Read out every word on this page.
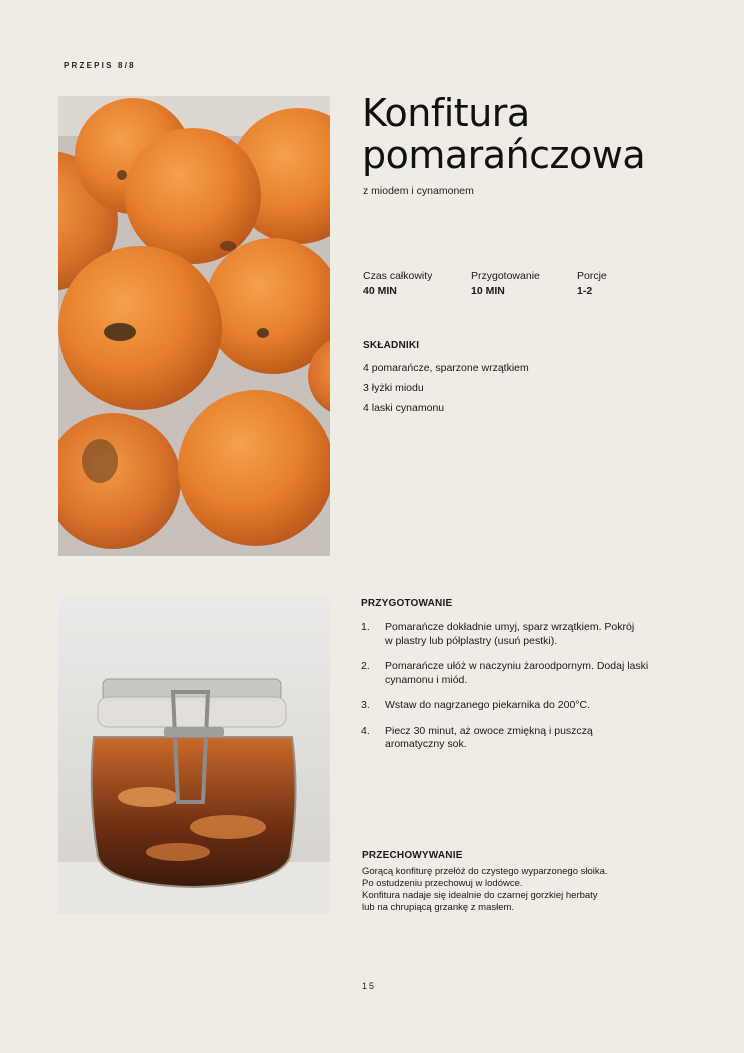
PRZEPIS 8/8
Konfitura
pomarańczowa
z miodem i cynamonem
Czas całkowity
40 MIN
Przygotowanie
10 MIN
Porcje
1-2
SKŁADNIKI
4 pomarańcze, sparzone wrzątkiem
3 łyżki miodu
4 laski cynamonu
PRZYGOTOWANIE
1.	Pomarańcze dokładnie umyj, sparz wrzątkiem. Pokrój
w plastry lub półplastry (usuń pestki).
2.	Pomarańcze ułóż w naczyniu żaroodpornym. Dodaj laski
cynamonu i miód.
3.	Wstaw do nagrzanego piekarnika do 200°C.
4.	Piecz 30 minut, aż owoce zmiękną i puszczą
aromatyczny sok.
PRZECHOWYWANIE

Gorącą konfiturę przełóż do czystego wyparzonego słoika.

Po ostudzeniu przechowuj w lodówce.

Konfitura nadaje się idealnie do czarnej gorzkiej herbaty

lub na chrupiącą grzankę z masłem.

15
